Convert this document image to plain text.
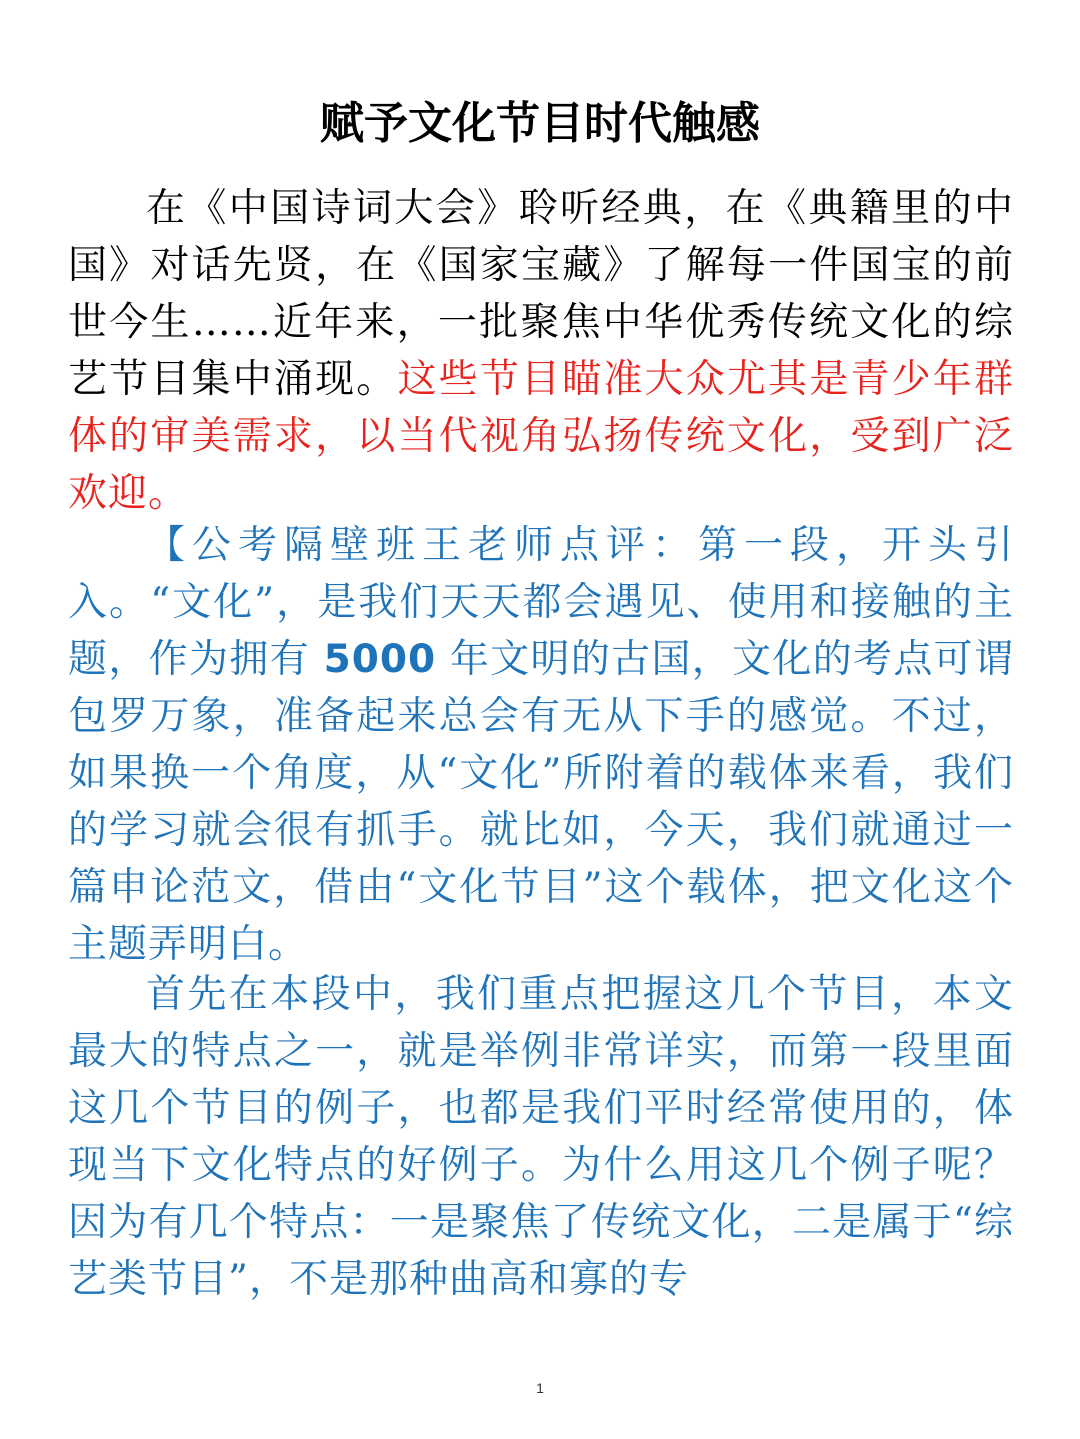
赋予文化节目时代触感

在《中国诗词大会》聆听经典，在《典籍里的中国》对话先贤，在《国家宝藏》了解每一件国宝的前世今生……近年来，一批聚焦中华优秀传统文化的综艺节目集中涌现。这些节目瞄准大众尤其是青少年群体的审美需求，以当代视角弘扬传统文化，受到广泛欢迎。

【公考隔壁班王老师点评：第一段，开头引入。“文化”，是我们天天都会遇见、使用和接触的主题，作为拥有 5000 年文明的古国，文化的考点可谓包罗万象，准备起来总会有无从下手的感觉。不过，如果换一个角度，从“文化”所附着的载体来看，我们的学习就会很有抓手。就比如，今天，我们就通过一篇申论范文，借由“文化节目”这个载体，把文化这个主题弄明白。

首先在本段中，我们重点把握这几个节目，本文最大的特点之一，就是举例非常详实，而第一段里面这几个节目的例子，也都是我们平时经常使用的，体现当下文化特点的好例子。为什么用这几个例子呢？因为有几个特点：一是聚焦了传统文化，二是属于“综艺类节目”，不是那种曲高和寡的专

1
